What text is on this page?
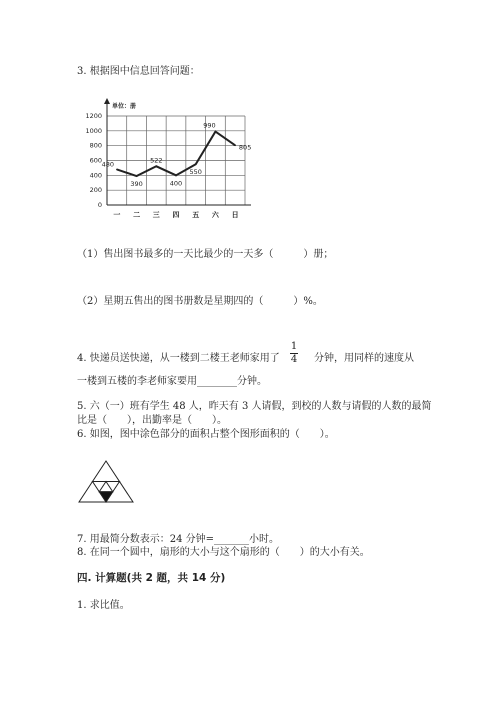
3. 根据图中信息回答问题：
单位：册
0
200
400
600
800
1000
1200
一 二 三 四 五 六 日
480
390
522
400
550
990
805
（1）售出图书最多的一天比最少的一天多（　　　）册；
（2）星期五售出的图书册数是星期四的（　　　）%。
4. 快递员送快递，从一楼到二楼王老师家用了
1
4 分钟，用同样的速度从
一楼到五楼的李老师家要用________分钟。
5. 六（一）班有学生 48 人，昨天有 3 人请假，到校的人数与请假的人数的最简
比是（　　），出勤率是（　　）。
6. 如图，图中涂色部分的面积占整个图形面积的（　　）。
7. 用最简分数表示：24 分钟=_______小时。
8. 在同一个圆中，扇形的大小与这个扇形的（　　）的大小有关。
四. 计算题(共 2 题，共 14 分)
1. 求比值。
